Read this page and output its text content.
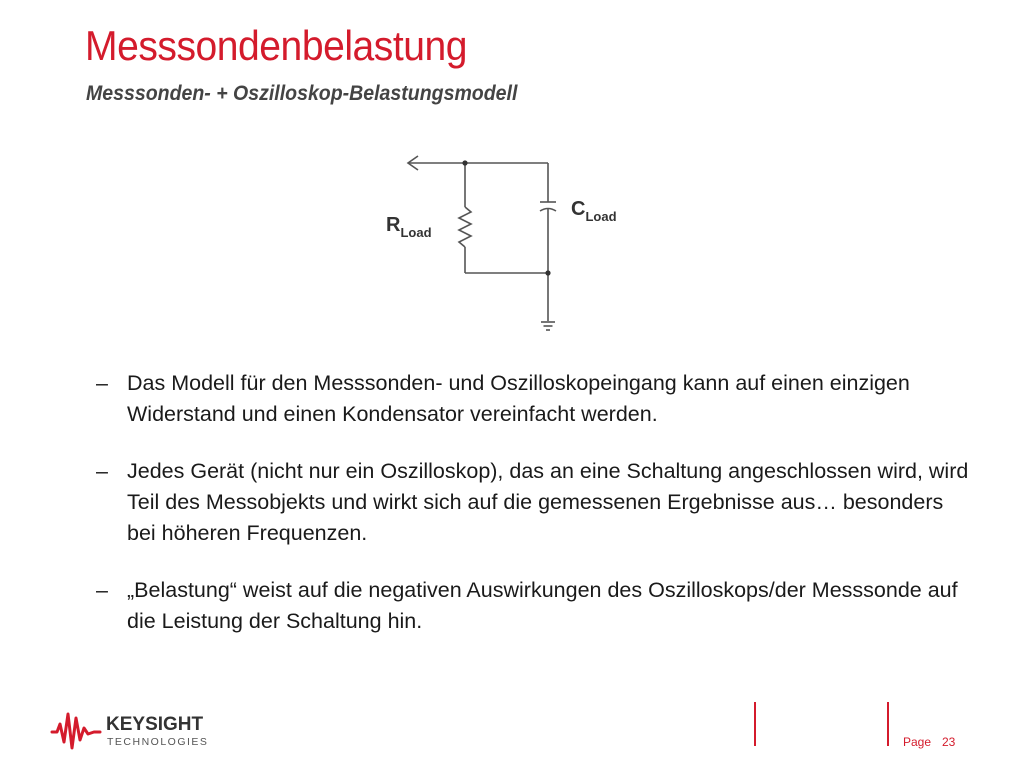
Messsondenbelastung
Messsonden- + Oszilloskop-Belastungsmodell
$R_{Load}$
$C_{Load}$
– Das Modell für den Messsonden- und Oszilloskopeingang kann auf einen einzigen Widerstand und einen Kondensator vereinfacht werden.
– Jedes Gerät (nicht nur ein Oszilloskop), das an eine Schaltung angeschlossen wird, wird Teil des Messobjekts und wirkt sich auf die gemessenen Ergebnisse aus… besonders bei höheren Frequenzen.
– „Belastung“ weist auf die negativen Auswirkungen des Oszilloskops/der Messsonde auf die Leistung der Schaltung hin.
KEYSIGHT
TECHNOLOGIES	Page 23
